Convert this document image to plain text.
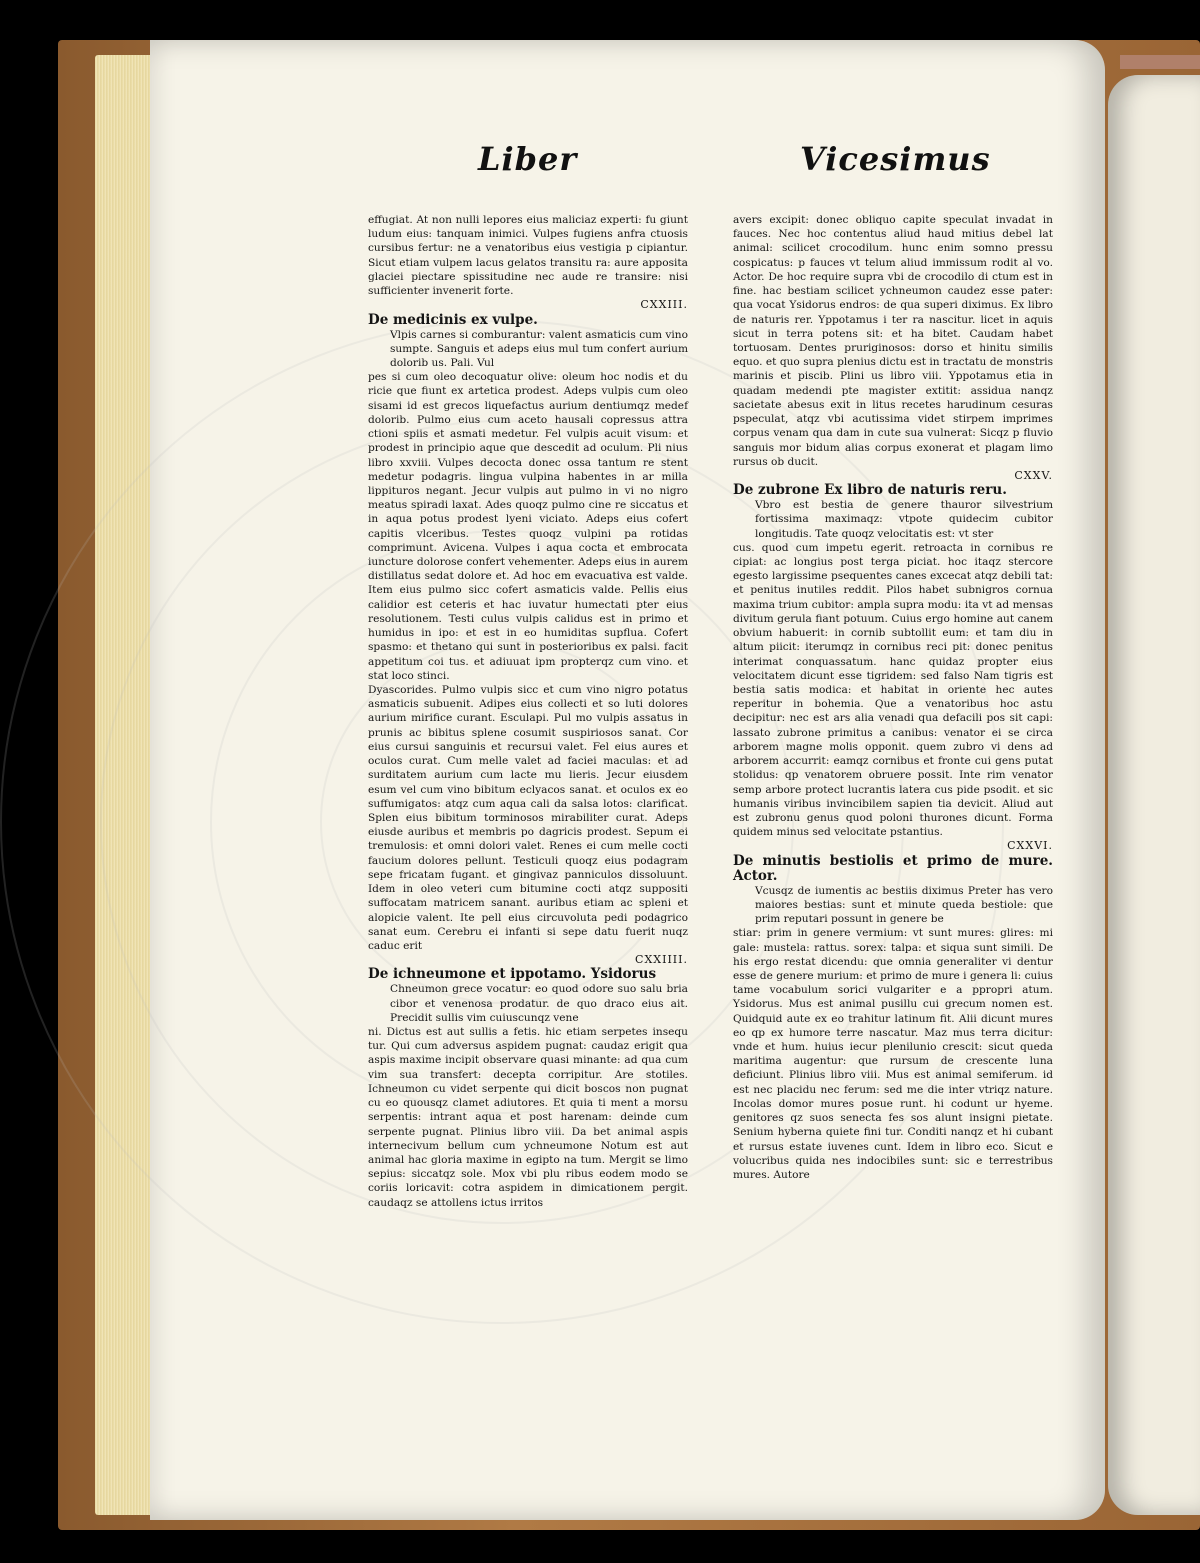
Liber	Vicesimus

effugiat. At non nulli lepores eius maliciaz experti: fu giunt ludum eius: tanquam inimici. Vulpes fugiens anfra ctuosis cursibus fertur: ne a venatoribus eius vestigia p cipiantur. Sicut etiam vulpem lacus gelatos transitu ra: aure apposita glaciei piectare spissitudine nec aude re transire: nisi sufficienter invenerit forte.

CXXIII.

De medicinis ex vulpe.

Vlpis carnes si comburantur: valent asmaticis cum vino sumpte. Sanguis et adeps eius mul tum confert aurium dolorib us. Pali. Vul

pes si cum oleo decoquatur olive: oleum hoc nodis et du ricie que fiunt ex artetica prodest. Adeps vulpis cum oleo sisami id est grecos liquefactus aurium dentiumqz medef dolorib. Pulmo eius cum aceto hausali copressus attra ctioni spiis et asmati medetur. Fel vulpis acuit visum: et prodest in principio aque que descedit ad oculum. Pli nius libro xxviii. Vulpes decocta donec ossa tantum re stent medetur podagris. lingua vulpina habentes in ar milla lippituros negant. Jecur vulpis aut pulmo in vi no nigro meatus spiradi laxat. Ades quoqz pulmo cine re siccatus et in aqua potus prodest lyeni viciato. Adeps eius cofert capitis vlceribus. Testes quoqz vulpini pa rotidas comprimunt. Avicena. Vulpes i aqua cocta et embrocata iuncture dolorose confert vehementer. Adeps eius in aurem distillatus sedat dolore et. Ad hoc em evacuativa est valde. Item eius pulmo sicc cofert asmaticis valde. Pellis eius calidior est ceteris et hac iuvatur humectati pter eius resolutionem. Testi culus vulpis calidus est in primo et humidus in ipo: et est in eo humiditas supflua. Cofert spasmo: et thetano qui sunt in posterioribus ex palsi. facit appetitum coi tus. et adiuuat ipm propterqz cum vino. et stat loco stinci.

Dyascorides. Pulmo vulpis sicc et cum vino nigro potatus asmaticis subuenit. Adipes eius collecti et so luti dolores aurium mirifice curant. Esculapi. Pul mo vulpis assatus in prunis ac bibitus splene cosumit suspiriosos sanat. Cor eius cursui sanguinis et recursui valet. Fel eius aures et oculos curat. Cum melle valet ad faciei maculas: et ad surditatem aurium cum lacte mu lieris. Jecur eiusdem esum vel cum vino bibitum eclyacos sanat. et oculos ex eo suffumigatos: atqz cum aqua cali da salsa lotos: clarificat. Splen eius bibitum torminosos mirabiliter curat. Adeps eiusde auribus et membris po dagricis prodest. Sepum ei tremulosis: et omni dolori valet. Renes ei cum melle cocti faucium dolores pellunt. Testiculi quoqz eius podagram sepe fricatam fugant. et gingivaz panniculos dissoluunt. Idem in oleo veteri cum bitumine cocti atqz suppositi suffocatam matricem sanant. auribus etiam ac spleni et alopicie valent. Ite pell eius circuvoluta pedi podagrico sanat eum. Cerebru ei infanti si sepe datu fuerit nuqz caduc erit

CXXIIII.

De ichneumone et ippotamo. Ysidorus

Chneumon grece vocatur: eo quod odore suo salu bria cibor et venenosa prodatur. de quo draco eius ait. Precidit sullis vim cuiuscunqz vene

ni. Dictus est aut sullis a fetis. hic etiam serpetes insequ tur. Qui cum adversus aspidem pugnat: caudaz erigit qua aspis maxime incipit observare quasi minante: ad qua cum vim sua transfert: decepta corripitur. Are stotiles. Ichneumon cu videt serpente qui dicit boscos non pugnat cu eo quousqz clamet adiutores. Et quia ti ment a morsu serpentis: intrant aqua et post harenam: deinde cum serpente pugnat. Plinius libro viii. Da bet animal aspis internecivum bellum cum ychneumone Notum est aut animal hac gloria maxime in egipto na tum. Mergit se limo sepius: siccatqz sole. Mox vbi plu ribus eodem modo se coriis loricavit: cotra aspidem in dimicationem pergit. caudaqz se attollens ictus irritos

avers excipit: donec obliquo capite speculat invadat in fauces. Nec hoc contentus aliud haud mitius debel lat animal: scilicet crocodilum. hunc enim somno pressu cospicatus: p fauces vt telum aliud immissum rodit al vo. Actor. De hoc require supra vbi de crocodilo di ctum est in fine. hac bestiam scilicet ychneumon caudez esse pater: qua vocat Ysidorus endros: de qua superi diximus. Ex libro de naturis rer. Yppotamus i ter ra nascitur. licet in aquis sicut in terra potens sit: et ha bitet. Caudam habet tortuosam. Dentes pruriginosos: dorso et hinitu similis equo. et quo supra plenius dictu est in tractatu de monstris marinis et piscib. Plini us libro viii. Yppotamus etia in quadam medendi pte magister extitit: assidua nanqz sacietate abesus exit in litus recetes harudinum cesuras pspeculat, atqz vbi acutissima videt stirpem imprimes corpus venam qua dam in cute sua vulnerat: Sicqz p fluvio sanguis mor bidum alias corpus exonerat et plagam limo rursus ob ducit.

CXXV.

De zubrone Ex libro de naturis reru.

Vbro est bestia de genere thauror silvestrium fortissima maximaqz: vtpote quidecim cubitor longitudis. Tate quoqz velocitatis est: vt ster

cus. quod cum impetu egerit. retroacta in cornibus re cipiat: ac longius post terga piciat. hoc itaqz stercore egesto largissime psequentes canes excecat atqz debili tat: et penitus inutiles reddit. Pilos habet subnigros cornua maxima trium cubitor: ampla supra modu: ita vt ad mensas divitum gerula fiant potuum. Cuius ergo homine aut canem obvium habuerit: in cornib subtollit eum: et tam diu in altum piicit: iterumqz in cornibus reci pit: donec penitus interimat conquassatum. hanc quidaz propter eius velocitatem dicunt esse tigridem: sed falso Nam tigris est bestia satis modica: et habitat in oriente hec autes reperitur in bohemia. Que a venatoribus hoc astu decipitur: nec est ars alia venadi qua defacili pos sit capi: lassato zubrone primitus a canibus: venator ei se circa arborem magne molis opponit. quem zubro vi dens ad arborem accurrit: eamqz cornibus et fronte cui gens putat stolidus: qp venatorem obruere possit. Inte rim venator semp arbore protect lucrantis latera cus pide psodit. et sic humanis viribus invincibilem sapien tia devicit. Aliud aut est zubronu genus quod poloni thurones dicunt. Forma quidem minus sed velocitate pstantius.

CXXVI.

De minutis bestiolis et primo de mure. Actor.

Vcusqz de iumentis ac bestiis diximus Preter has vero maiores bestias: sunt et minute queda bestiole: que prim reputari possunt in genere be

stiar: prim in genere vermium: vt sunt mures: glires: mi gale: mustela: rattus. sorex: talpa: et siqua sunt simili. De his ergo restat dicendu: que omnia generaliter vi dentur esse de genere murium: et primo de mure i genera li: cuius tame vocabulum sorici vulgariter e a ppropri atum. Ysidorus. Mus est animal pusillu cui grecum nomen est. Quidquid aute ex eo trahitur latinum fit. Alii dicunt mures eo qp ex humore terre nascatur. Maz mus terra dicitur: vnde et hum. huius iecur plenilunio crescit: sicut queda maritima augentur: que rursum de crescente luna deficiunt. Plinius libro viii. Mus est animal semiferum. id est nec placidu nec ferum: sed me die inter vtriqz nature. Incolas domor mures posue runt. hi codunt ur hyeme. genitores qz suos senecta fes sos alunt insigni pietate. Senium hyberna quiete fini tur. Conditi nanqz et hi cubant et rursus estate iuvenes cunt. Idem in libro eco. Sicut e volucribus quida nes indocibiles sunt: sic e terrestribus mures. Autore
